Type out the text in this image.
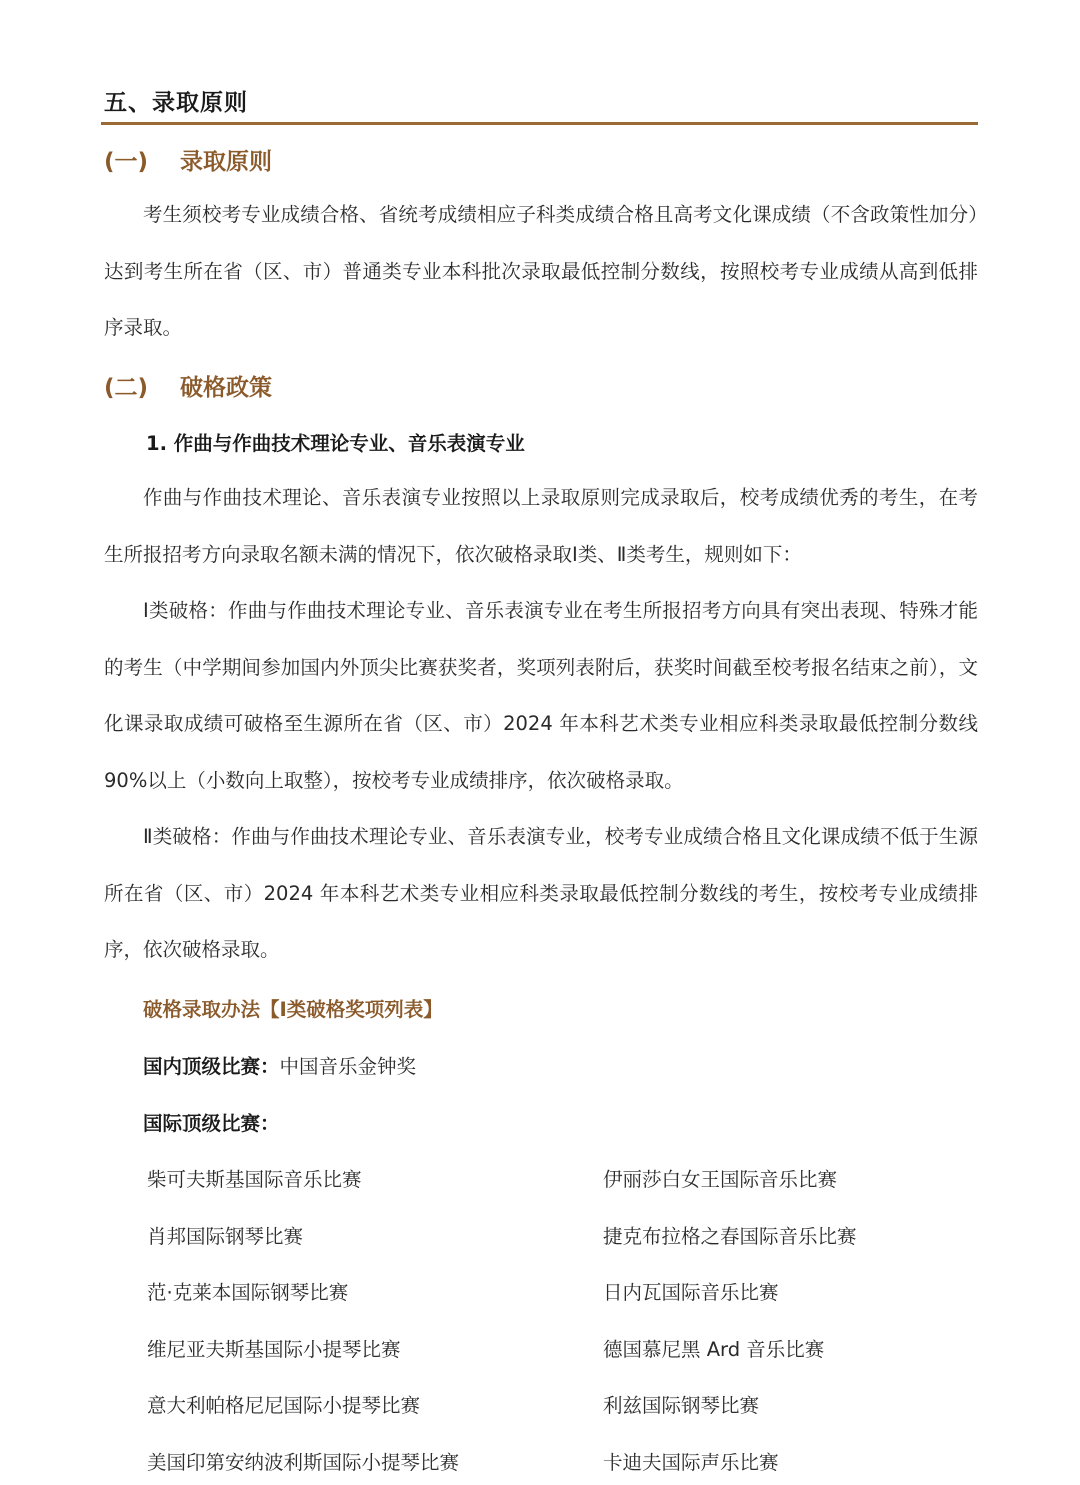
五、录取原则
(一) 录取原则

考生须校考专业成绩合格、省统考成绩相应子科类成绩合格且高考文化课成绩（不含政策性加分）达到考生所在省（区、市）普通类专业本科批次录取最低控制分数线，按照校考专业成绩从高到低排序录取。

(二) 破格政策
1. 作曲与作曲技术理论专业、音乐表演专业

作曲与作曲技术理论、音乐表演专业按照以上录取原则完成录取后，校考成绩优秀的考生，在考生所报招考方向录取名额未满的情况下，依次破格录取Ⅰ类、Ⅱ类考生，规则如下：

Ⅰ类破格：作曲与作曲技术理论专业、音乐表演专业在考生所报招考方向具有突出表现、特殊才能的考生（中学期间参加国内外顶尖比赛获奖者，奖项列表附后，获奖时间截至校考报名结束之前），文化课录取成绩可破格至生源所在省（区、市）2024 年本科艺术类专业相应科类录取最低控制分数线 90%以上（小数向上取整），按校考专业成绩排序，依次破格录取。

Ⅱ类破格：作曲与作曲技术理论专业、音乐表演专业，校考专业成绩合格且文化课成绩不低于生源所在省（区、市）2024 年本科艺术类专业相应科类录取最低控制分数线的考生，按校考专业成绩排序，依次破格录取。

破格录取办法【Ⅰ类破格奖项列表】
国内顶级比赛：中国音乐金钟奖
国际顶级比赛：
柴可夫斯基国际音乐比赛
肖邦国际钢琴比赛
范·克莱本国际钢琴比赛
维尼亚夫斯基国际小提琴比赛
意大利帕格尼尼国际小提琴比赛
美国印第安纳波利斯国际小提琴比赛
伊丽莎白女王国际音乐比赛
捷克布拉格之春国际音乐比赛
日内瓦国际音乐比赛
德国慕尼黑 Ard 音乐比赛
利兹国际钢琴比赛
卡迪夫国际声乐比赛
